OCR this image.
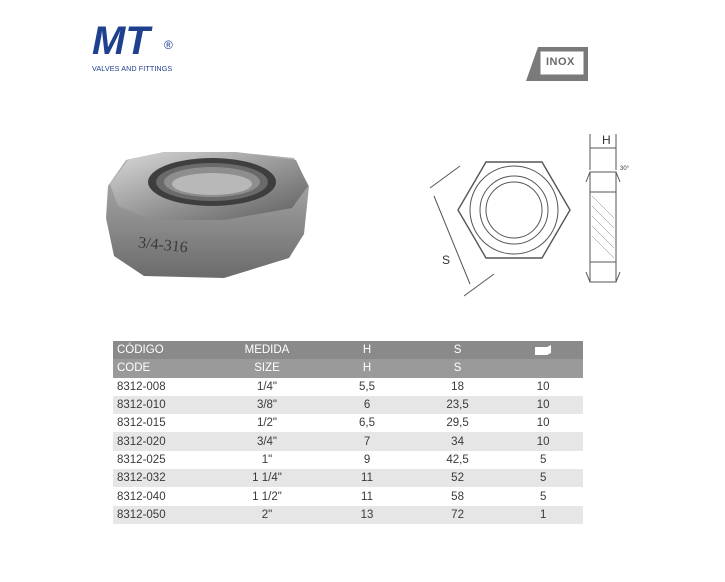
MT ®
VALVES AND FITTINGS
INOX
3/4-316
H
30°
S
CÓDIGO	MEDIDA	H	S	
CODE	SIZE	H	S	
8312-008	1/4"	5,5	18	10
8312-010	3/8"	6	23,5	10
8312-015	1/2"	6,5	29,5	10
8312-020	3/4"	7	34	10
8312-025	1"	9	42,5	5
8312-032	1 1/4"	11	52	5
8312-040	1 1/2"	11	58	5
8312-050	2"	13	72	1
